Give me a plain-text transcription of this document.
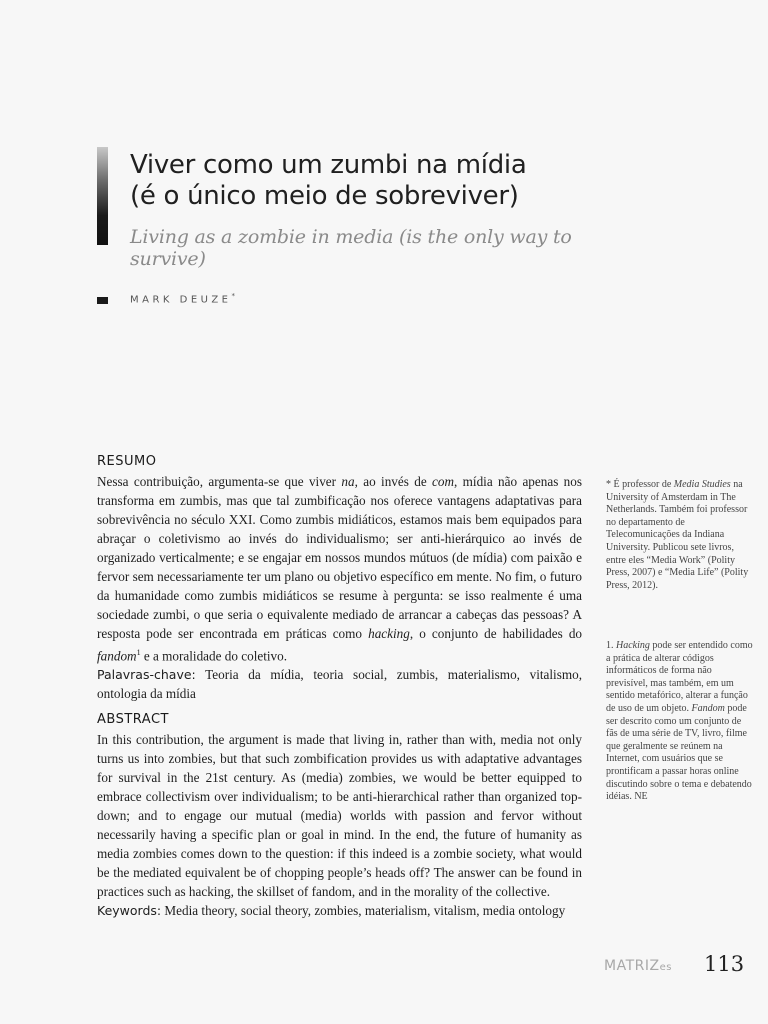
Viver como um zumbi na mídia
(é o único meio de sobreviver)

Living as a zombie in media (is the only way to survive)

MARK DEUZE*
RESUMO

Nessa contribuição, argumenta-se que viver na, ao invés de com, mídia não apenas nos transforma em zumbis, mas que tal zumbificação nos oferece vantagens adaptativas para sobrevivência no século XXI. Como zumbis midiáticos, estamos mais bem equipados para abraçar o coletivismo ao invés do individualismo; ser anti-hierárquico ao invés de organizado verticalmente; e se engajar em nossos mundos mútuos (de mídia) com paixão e fervor sem necessariamente ter um plano ou objetivo específico em mente. No fim, o futuro da humanidade como zumbis midiáticos se resume à pergunta: se isso realmente é uma sociedade zumbi, o que seria o equivalente mediado de arrancar a cabeças das pessoas? A resposta pode ser encontrada em práticas como hacking, o conjunto de habilidades do fandom$^1$ e a moralidade do coletivo.

Palavras-chave: Teoria da mídia, teoria social, zumbis, materialismo, vitalismo, ontologia da mídia

ABSTRACT

In this contribution, the argument is made that living in, rather than with, media not only turns us into zombies, but that such zombification provides us with adaptative advantages for survival in the 21st century. As (media) zombies, we would be better equipped to embrace collectivism over individualism; to be anti-hierarchical rather than organized top-down; and to engage our mutual (media) worlds with passion and fervor without necessarily having a specific plan or goal in mind. In the end, the future of humanity as media zombies comes down to the question: if this indeed is a zombie society, what would be the mediated equivalent be of chopping people’s heads off? The answer can be found in practices such as hacking, the skillset of fandom, and in the morality of the collective.

Keywords: Media theory, social theory, zombies, materialism, vitalism, media ontology

* É professor de Media Studies na University of Amsterdam in The Netherlands. Também foi professor no departamento de Telecomunicações da Indiana University. Publicou sete livros, entre eles “Media Work” (Polity Press, 2007) e “Media Life” (Polity Press, 2012).
1. Hacking pode ser entendido como a prática de alterar códigos informáticos de forma não previsível, mas também, em um sentido metafórico, alterar a função de uso de um objeto. Fandom pode ser descrito como um conjunto de fãs de uma série de TV, livro, filme que geralmente se reúnem na Internet, com usuários que se prontificam a passar horas online discutindo sobre o tema e debatendo idéias. NE
MATRIZes 113
